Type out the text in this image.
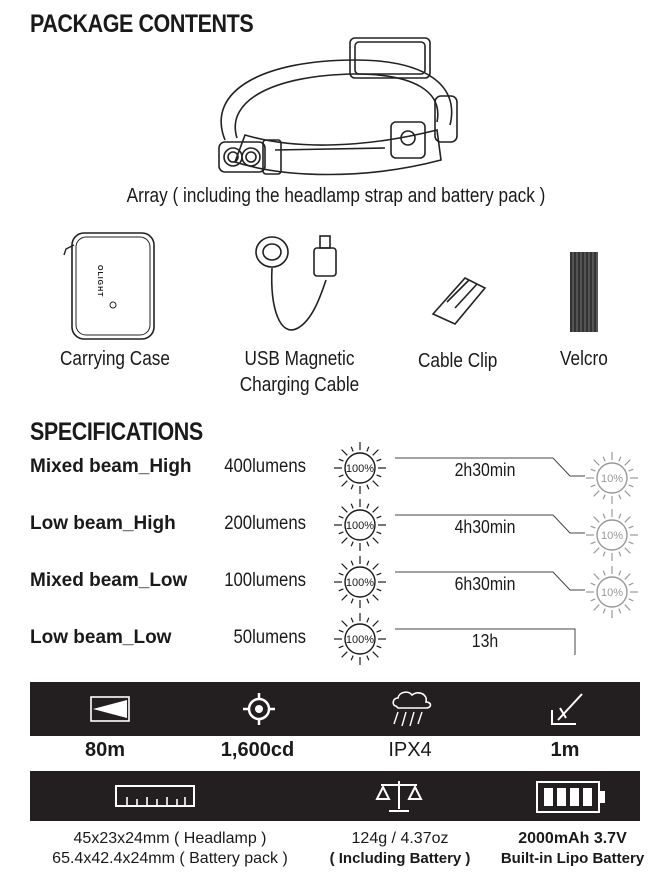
PACKAGE CONTENTS
Array ( including the headlamp strap and battery pack )
OLIGHT
Carrying Case	USB Magnetic
Charging Cable
Cable Clip	Velcro
SPECIFICATIONS
Mixed beam_High	400lumens	100%	2h30min	10%
Low beam_High	200lumens	100%	4h30min	10%
Mixed beam_Low	100lumens	100%	6h30min	10%
Low beam_Low	50lumens	100%	13h
80m	1,600cd	IPX4	1m
45x23x24mm ( Headlamp )
65.4x42.4x24mm ( Battery pack )
124g / 4.37oz
( Including Battery )
2000mAh 3.7V
Built-in Lipo Battery
